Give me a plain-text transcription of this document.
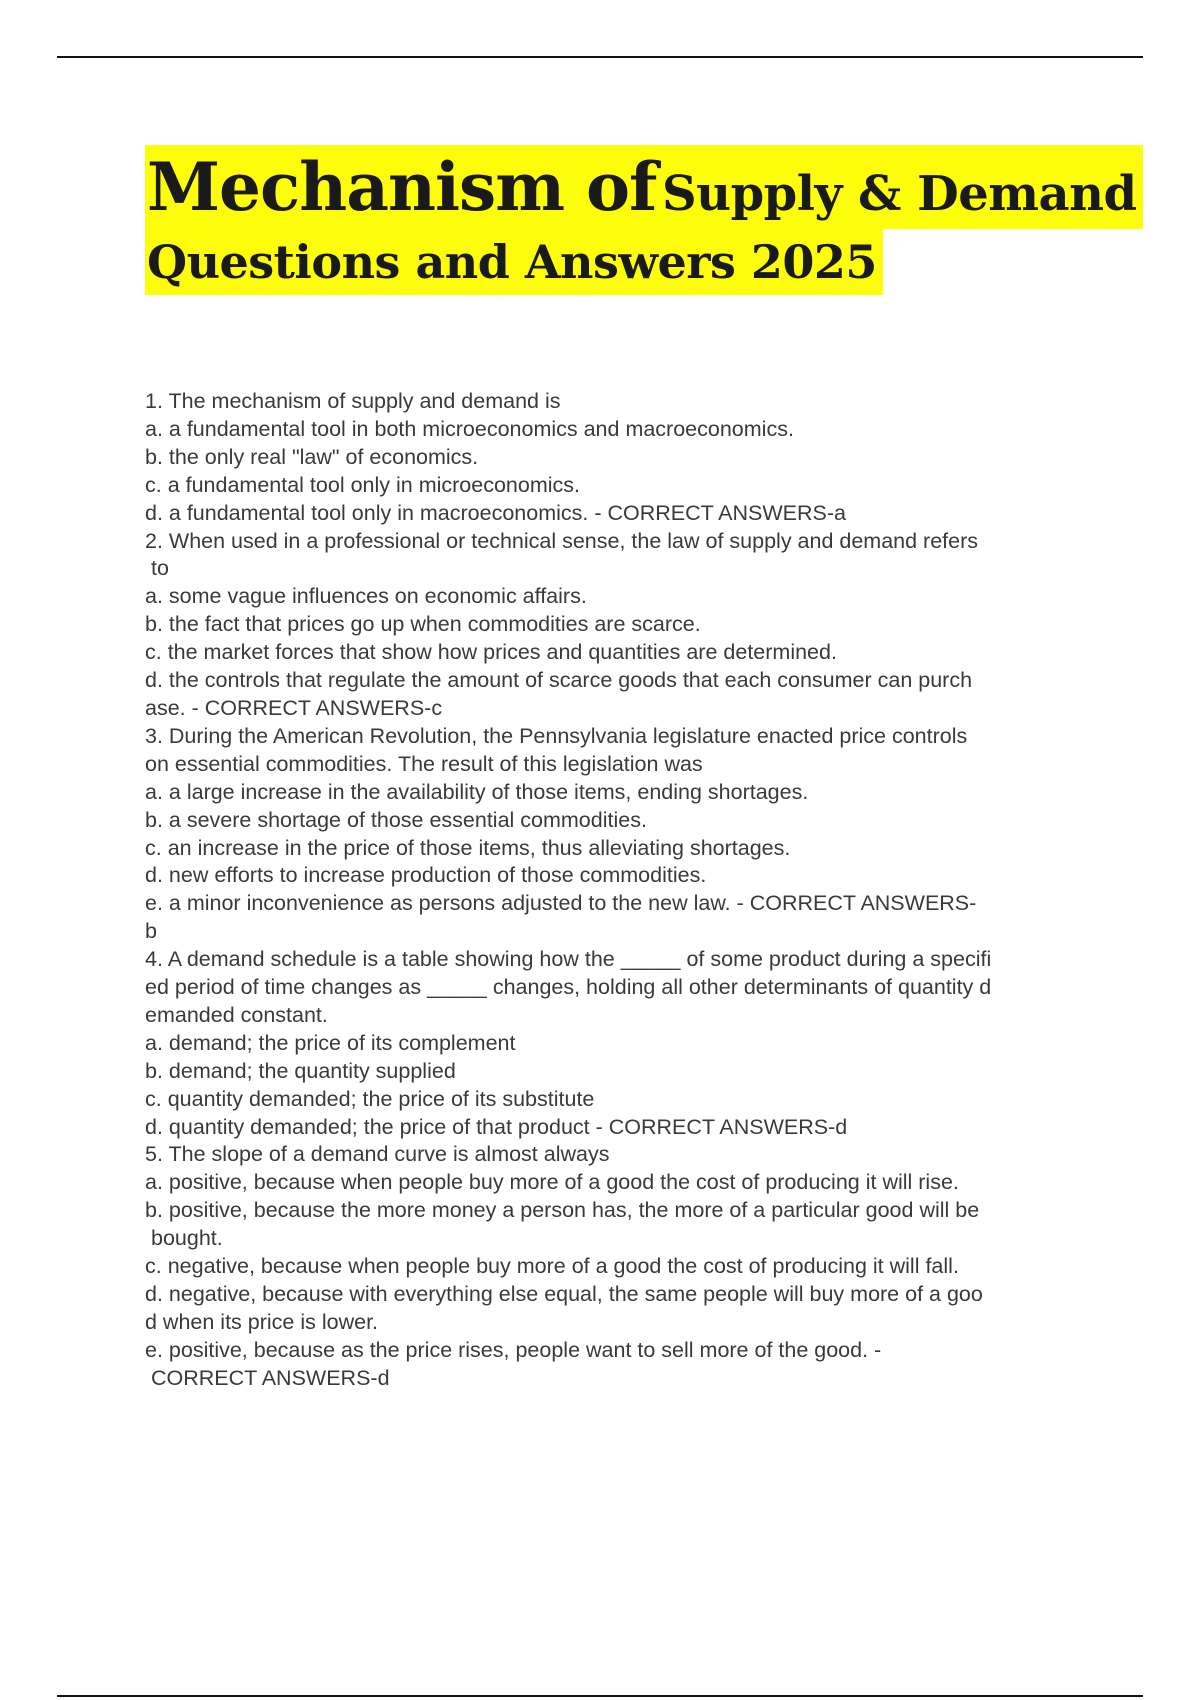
Mechanism of Supply & Demand
Questions and Answers 2025
1. The mechanism of supply and demand is
a. a fundamental tool in both microeconomics and macroeconomics.
b. the only real "law" of economics.
c. a fundamental tool only in microeconomics.
d. a fundamental tool only in macroeconomics. - CORRECT ANSWERS-a
2. When used in a professional or technical sense, the law of supply and demand refers
to
a. some vague influences on economic affairs.
b. the fact that prices go up when commodities are scarce.
c. the market forces that show how prices and quantities are determined.
d. the controls that regulate the amount of scarce goods that each consumer can purch
ase. - CORRECT ANSWERS-c
3. During the American Revolution, the Pennsylvania legislature enacted price controls
on essential commodities. The result of this legislation was
a. a large increase in the availability of those items, ending shortages.
b. a severe shortage of those essential commodities.
c. an increase in the price of those items, thus alleviating shortages.
d. new efforts to increase production of those commodities.
e. a minor inconvenience as persons adjusted to the new law. - CORRECT ANSWERS-
b
4. A demand schedule is a table showing how the _____ of some product during a specifi
ed period of time changes as _____ changes, holding all other determinants of quantity d
emanded constant.
a. demand; the price of its complement
b. demand; the quantity supplied
c. quantity demanded; the price of its substitute
d. quantity demanded; the price of that product - CORRECT ANSWERS-d
5. The slope of a demand curve is almost always
a. positive, because when people buy more of a good the cost of producing it will rise.
b. positive, because the more money a person has, the more of a particular good will be
bought.
c. negative, because when people buy more of a good the cost of producing it will fall.
d. negative, because with everything else equal, the same people will buy more of a goo
d when its price is lower.
e. positive, because as the price rises, people want to sell more of the good. -
CORRECT ANSWERS-d
